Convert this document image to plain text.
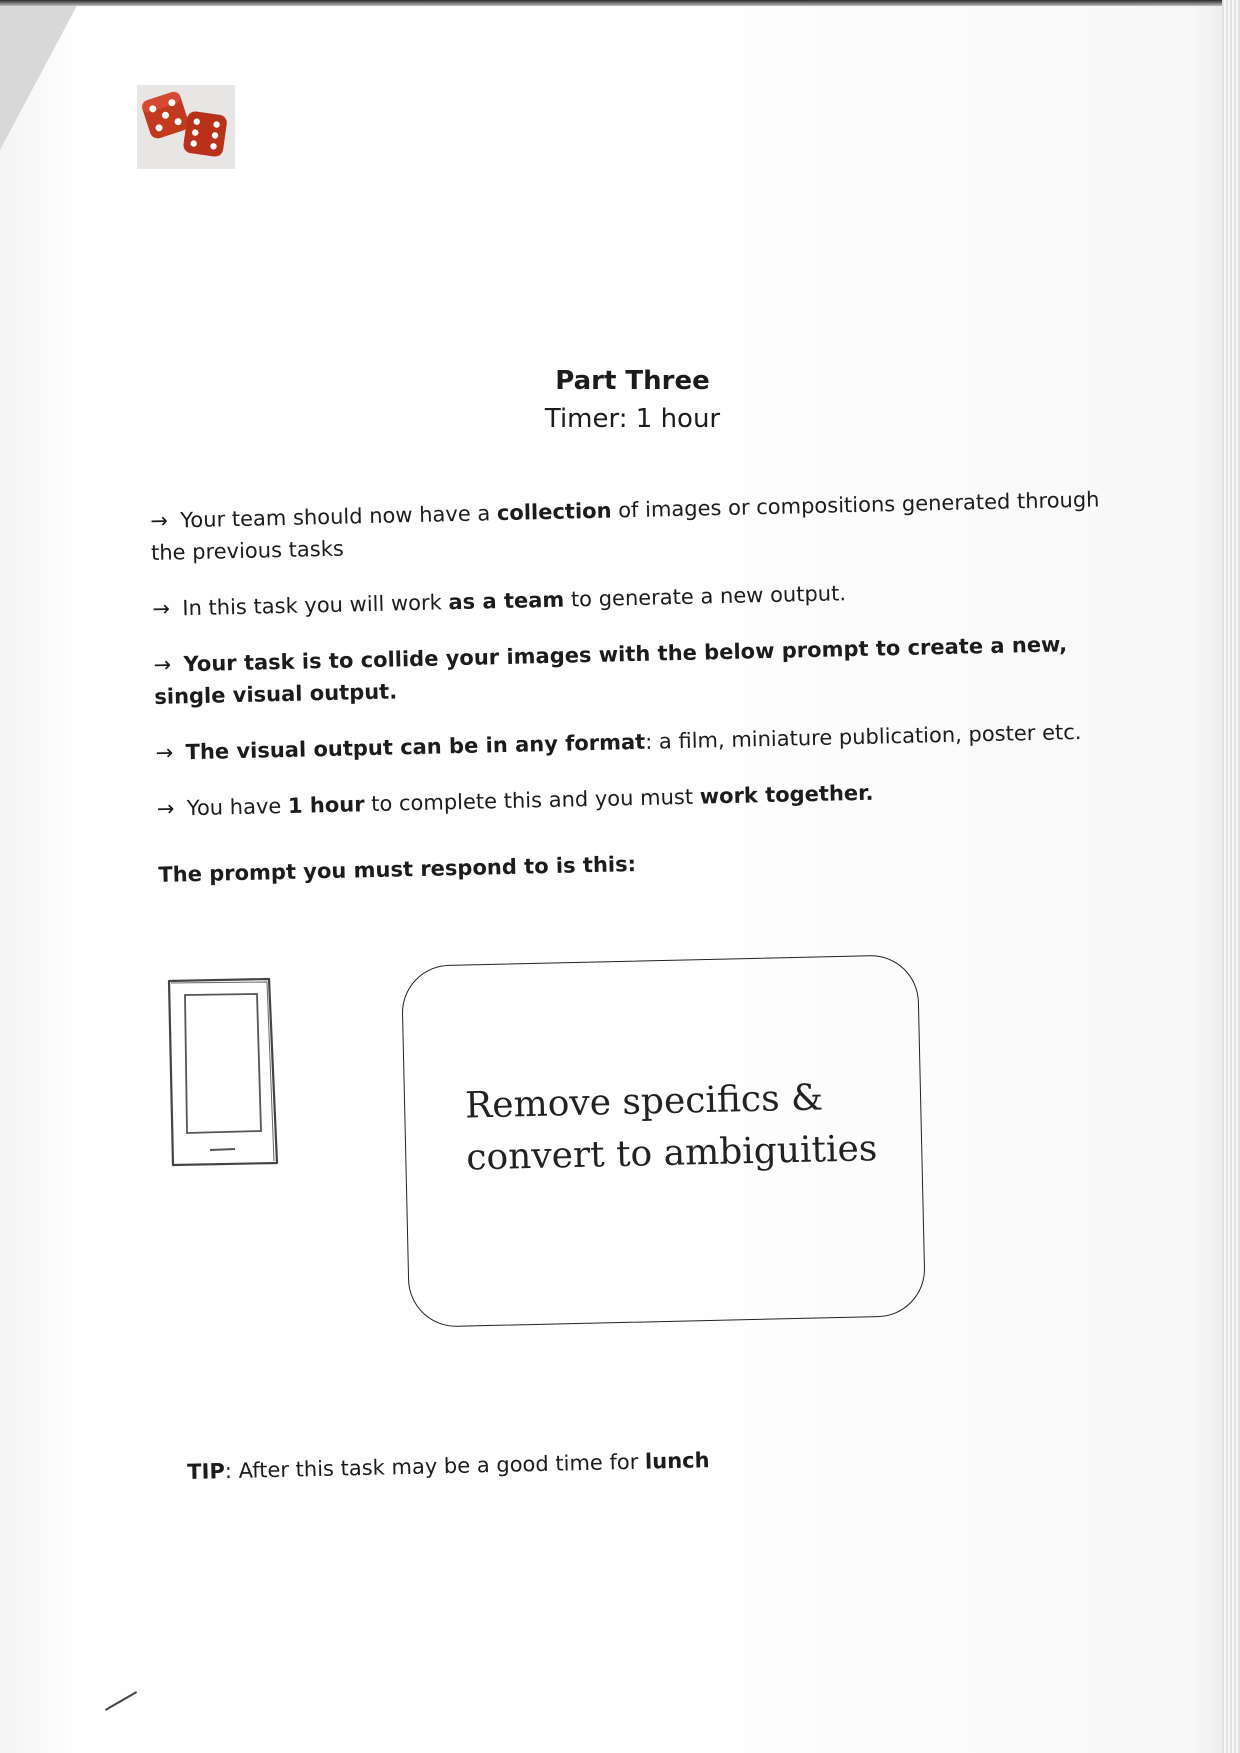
Part Three
Timer: 1 hour
→ Your team should now have a collection of images or compositions generated through the previous tasks
→ In this task you will work as a team to generate a new output.
→ Your task is to collide your images with the below prompt to create a new, single visual output.
→ The visual output can be in any format: a film, miniature publication, poster etc.
→ You have 1 hour to complete this and you must work together.
The prompt you must respond to is this:
Remove specifics &
convert to ambiguities
TIP: After this task may be a good time for lunch
